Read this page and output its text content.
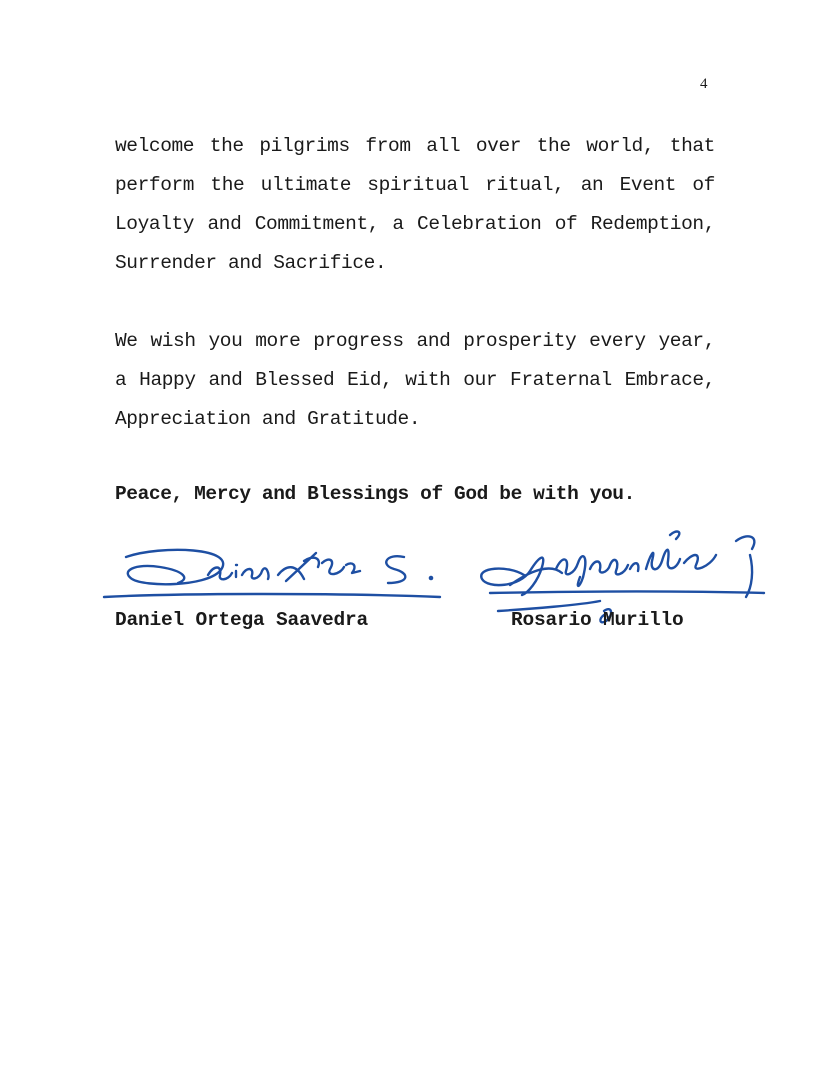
4
welcome the pilgrims from all over the world, that
perform the ultimate spiritual ritual, an Event of
Loyalty and Commitment, a Celebration of Redemption,
Surrender and Sacrifice.
We wish you more progress and prosperity every year,
a Happy and Blessed Eid, with our Fraternal Embrace,
Appreciation and Gratitude.
Peace, Mercy and Blessings of God be with you.
Daniel Ortega Saavedra	Rosario Murillo
